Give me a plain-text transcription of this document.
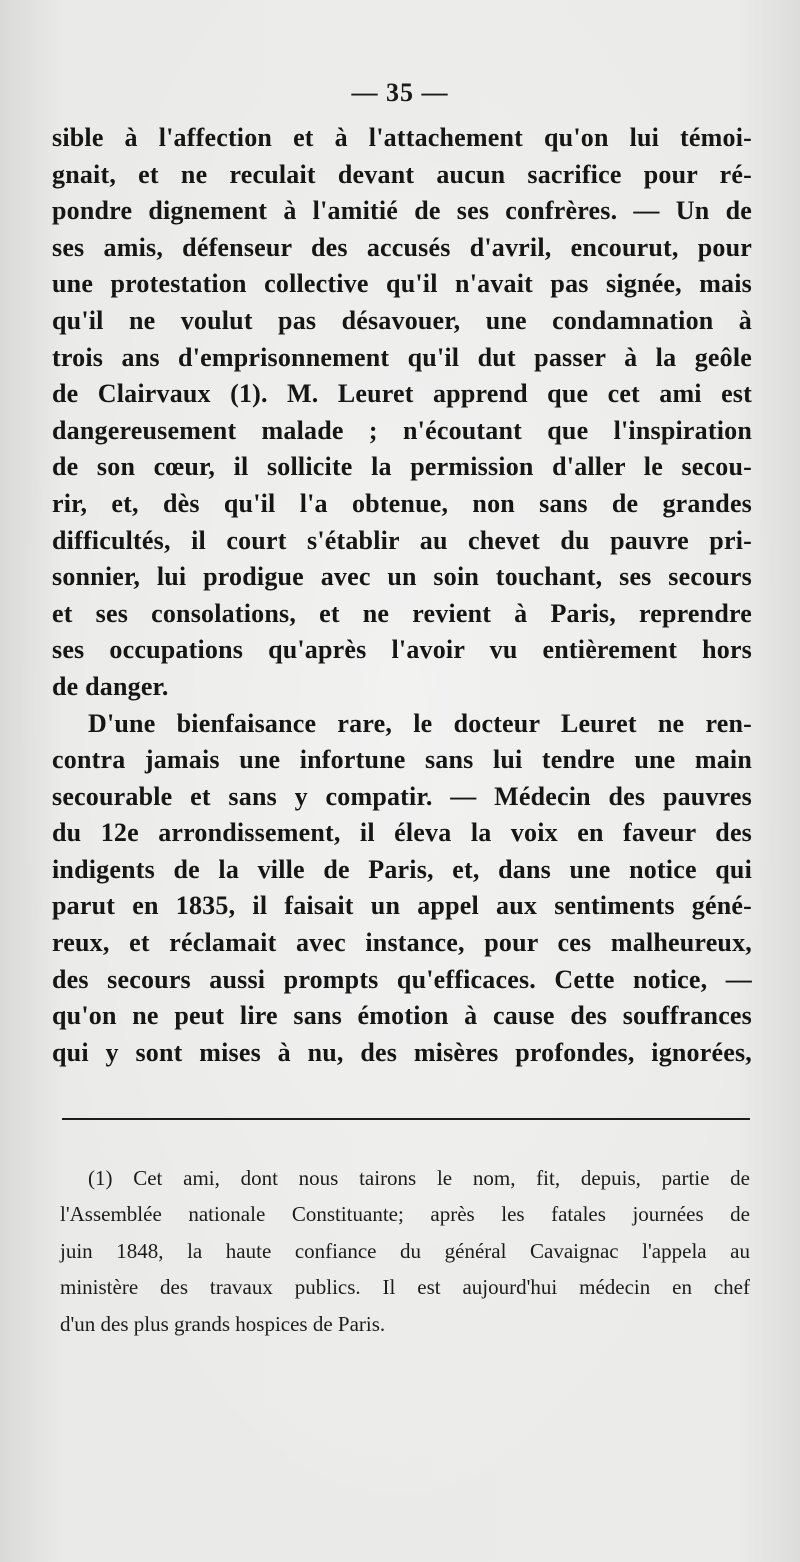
— 35 —
sible à l'affection et à l'attachement qu'on lui témoi-
gnait, et ne reculait devant aucun sacrifice pour ré-
pondre dignement à l'amitié de ses confrères. — Un de
ses amis, défenseur des accusés d'avril, encourut, pour
une protestation collective qu'il n'avait pas signée, mais
qu'il ne voulut pas désavouer, une condamnation à
trois ans d'emprisonnement qu'il dut passer à la geôle
de Clairvaux (1). M. Leuret apprend que cet ami est
dangereusement malade ; n'écoutant que l'inspiration
de son cœur, il sollicite la permission d'aller le secou-
rir, et, dès qu'il l'a obtenue, non sans de grandes
difficultés, il court s'établir au chevet du pauvre pri-
sonnier, lui prodigue avec un soin touchant, ses secours
et ses consolations, et ne revient à Paris, reprendre
ses occupations qu'après l'avoir vu entièrement hors
de danger.
D'une bienfaisance rare, le docteur Leuret ne ren-
contra jamais une infortune sans lui tendre une main
secourable et sans y compatir. — Médecin des pauvres
du 12e arrondissement, il éleva la voix en faveur des
indigents de la ville de Paris, et, dans une notice qui
parut en 1835, il faisait un appel aux sentiments géné-
reux, et réclamait avec instance, pour ces malheureux,
des secours aussi prompts qu'efficaces. Cette notice, —
qu'on ne peut lire sans émotion à cause des souffrances
qui y sont mises à nu, des misères profondes, ignorées,
(1) Cet ami, dont nous tairons le nom, fit, depuis, partie de
l'Assemblée nationale Constituante; après les fatales journées de
juin 1848, la haute confiance du général Cavaignac l'appela au
ministère des travaux publics. Il est aujourd'hui médecin en chef
d'un des plus grands hospices de Paris.
